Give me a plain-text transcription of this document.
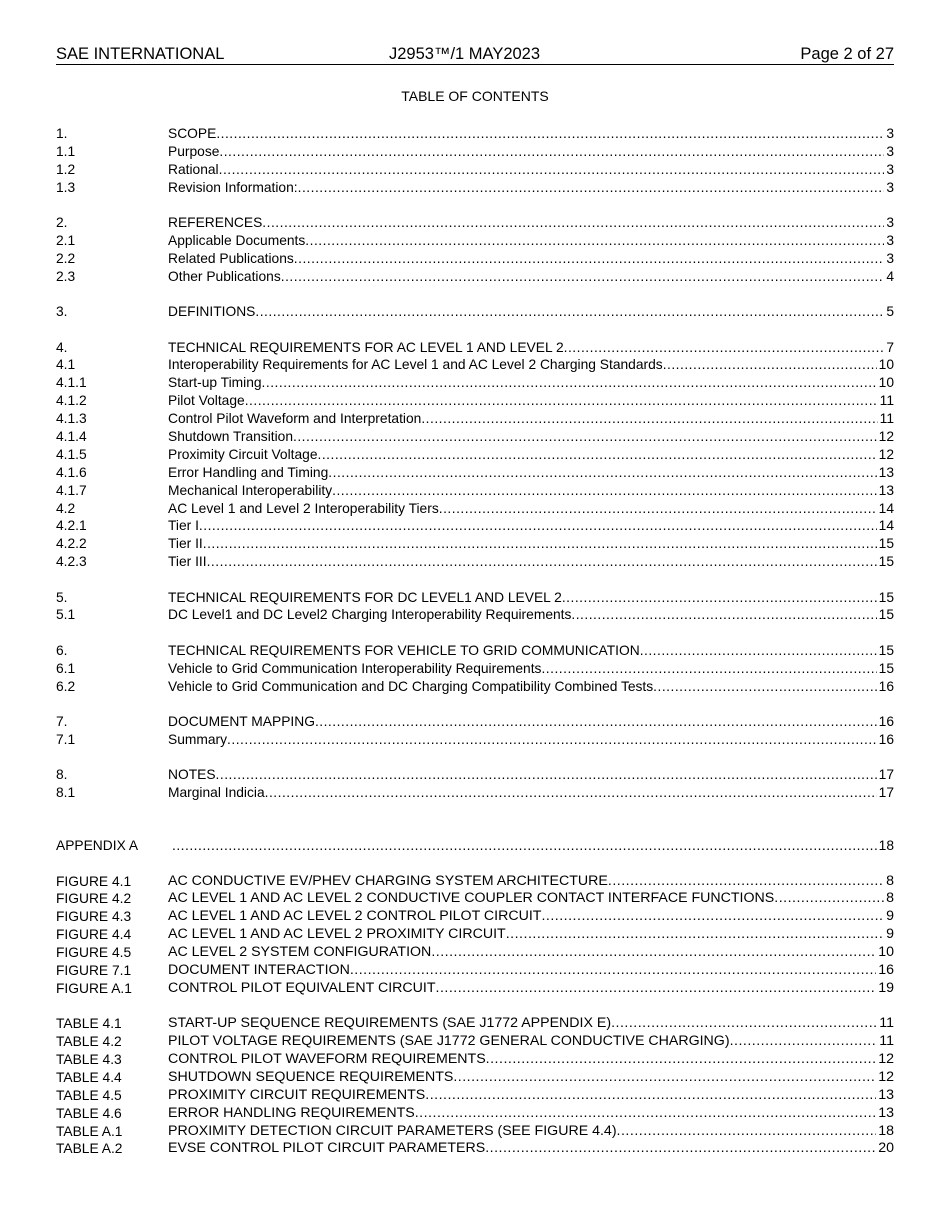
SAE INTERNATIONAL	J2953™/1 MAY2023	Page 2 of 27
TABLE OF CONTENTS
1.	SCOPE .....	3
1.1	Purpose .....	3
1.2	Rational .....	3
1.3	Revision Information: .....	3
2.	REFERENCES .....	3
2.1	Applicable Documents .....	3
2.2	Related Publications .....	3
2.3	Other Publications .....	4
3.	DEFINITIONS .....	5
4.	TECHNICAL REQUIREMENTS FOR AC LEVEL 1 AND LEVEL 2 .....	7
4.1	Interoperability Requirements for AC Level 1 and AC Level 2 Charging Standards .....	10
4.1.1	Start-up Timing .....	10
4.1.2	Pilot Voltage .....	11
4.1.3	Control Pilot Waveform and Interpretation .....	11
4.1.4	Shutdown Transition .....	12
4.1.5	Proximity Circuit Voltage .....	12
4.1.6	Error Handling and Timing .....	13
4.1.7	Mechanical Interoperability .....	13
4.2	AC Level 1 and Level 2 Interoperability Tiers .....	14
4.2.1	Tier I .....	14
4.2.2	Tier II .....	15
4.2.3	Tier III .....	15
5.	TECHNICAL REQUIREMENTS FOR DC LEVEL1 AND LEVEL 2 .....	15
5.1	DC Level1 and DC Level2 Charging Interoperability Requirements .....	15
6.	TECHNICAL REQUIREMENTS FOR VEHICLE TO GRID COMMUNICATION .....	15
6.1	Vehicle to Grid Communication Interoperability Requirements .....	15
6.2	Vehicle to Grid Communication and DC Charging Compatibility Combined Tests .....	16
7.	DOCUMENT MAPPING .....	16
7.1	Summary .....	16
8.	NOTES .....	17
8.1	Marginal Indicia .....	17
APPENDIX A .....	18
FIGURE 4.1	AC CONDUCTIVE EV/PHEV CHARGING SYSTEM ARCHITECTURE .....	8
FIGURE 4.2	AC LEVEL 1 AND AC LEVEL 2 CONDUCTIVE COUPLER CONTACT INTERFACE FUNCTIONS .....	8
FIGURE 4.3	AC LEVEL 1 AND AC LEVEL 2 CONTROL PILOT CIRCUIT .....	9
FIGURE 4.4	AC LEVEL 1 AND AC LEVEL 2 PROXIMITY CIRCUIT .....	9
FIGURE 4.5	AC LEVEL 2 SYSTEM CONFIGURATION .....	10
FIGURE 7.1	DOCUMENT INTERACTION .....	16
FIGURE A.1	CONTROL PILOT EQUIVALENT CIRCUIT .....	19
TABLE 4.1	START-UP SEQUENCE REQUIREMENTS (SAE J1772 APPENDIX E) .....	11
TABLE 4.2	PILOT VOLTAGE REQUIREMENTS (SAE J1772 GENERAL CONDUCTIVE CHARGING) .....	11
TABLE 4.3	CONTROL PILOT WAVEFORM REQUIREMENTS .....	12
TABLE 4.4	SHUTDOWN SEQUENCE REQUIREMENTS .....	12
TABLE 4.5	PROXIMITY CIRCUIT REQUIREMENTS .....	13
TABLE 4.6	ERROR HANDLING REQUIREMENTS .....	13
TABLE A.1	PROXIMITY DETECTION CIRCUIT PARAMETERS (SEE FIGURE 4.4) .....	18
TABLE A.2	EVSE CONTROL PILOT CIRCUIT PARAMETERS .....	20
